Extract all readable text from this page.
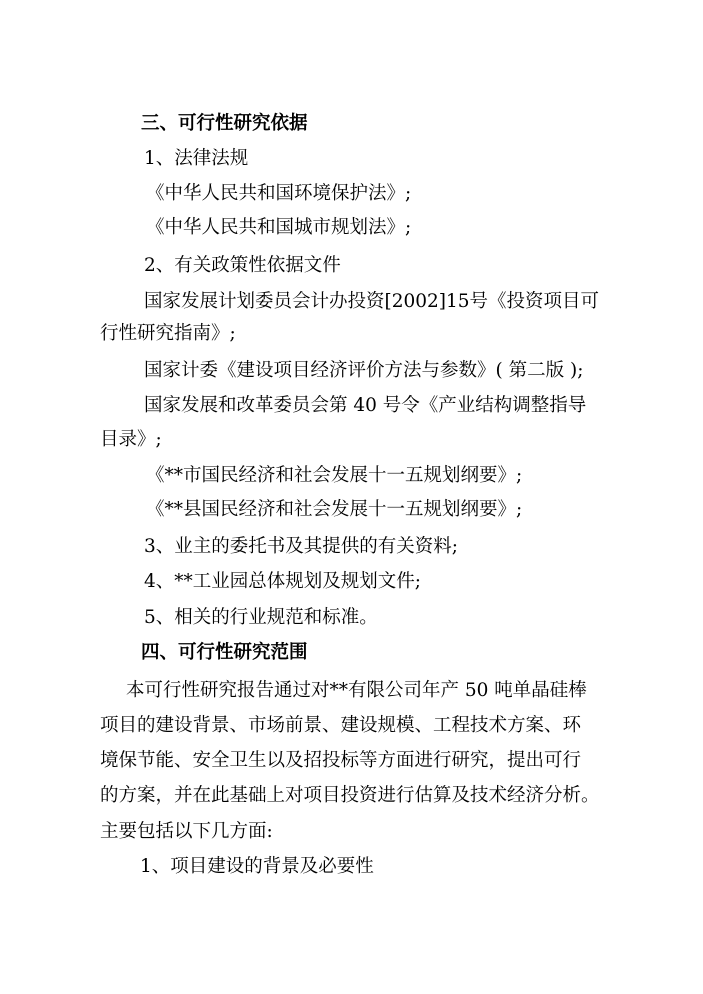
三、可行性研究依据
1、法律法规
《中华人民共和国环境保护法》;
《中华人民共和国城市规划法》;
2、有关政策性依据文件
国家发展计划委员会计办投资[2002]15号《投资项目可
行性研究指南》;
国家计委《建设项目经济评价方法与参数》( 第二版 );
国家发展和改革委员会第 40 号令《产业结构调整指导
目录》;
《**市国民经济和社会发展十一五规划纲要》;
《**县国民经济和社会发展十一五规划纲要》;
3、业主的委托书及其提供的有关资料;
4、**工业园总体规划及规划文件;
5、相关的行业规范和标准。
四、可行性研究范围
本可行性研究报告通过对**有限公司年产 50 吨单晶硅棒
项目的建设背景、市场前景、建设规模、工程技术方案、环
境保节能、安全卫生以及招投标等方面进行研究，提出可行
的方案，并在此基础上对项目投资进行估算及技术经济分析。
主要包括以下几方面:
1、项目建设的背景及必要性
